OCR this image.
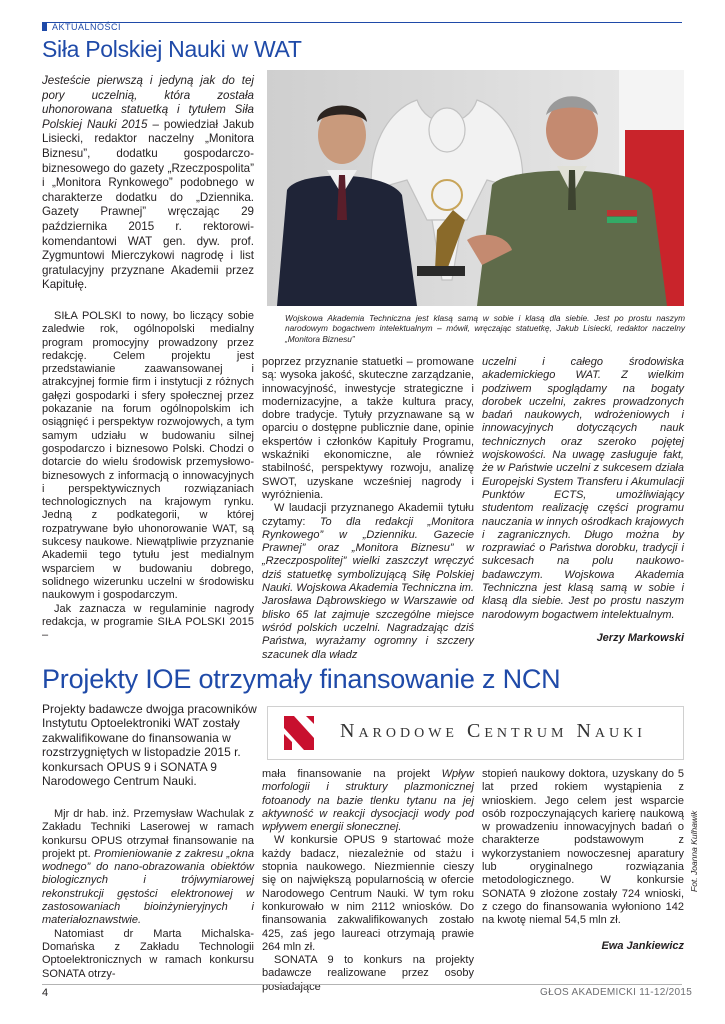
AKTUALNOŚCI
Siła Polskiej Nauki w WAT
Jesteście pierwszą i jedyną jak do tej pory uczelnią, która została uhonorowana statuetką i tytułem Siła Polskiej Nauki 2015 – powiedział Jakub Lisiecki, redaktor naczelny „Monitora Biznesu”, dodatku gospodarczo-biznesowego do gazety „Rzeczpospolita” i „Monitora Rynkowego” podobnego w charakterze dodatku do „Dziennika. Gazety Prawnej” wręczając 29 października 2015 r. rektorowi-komendantowi WAT gen. dyw. prof. Zygmuntowi Mierczykowi nagrodę i list gratulacyjny przyznane Akademii przez Kapitułę.
Wojskowa Akademia Techniczna jest klasą samą w sobie i klasą dla siebie. Jest po prostu naszym narodowym bogactwem intelektualnym – mówił, wręczając statuetkę, Jakub Lisiecki, redaktor naczelny „Monitora Biznesu”

SIŁA POLSKI to nowy, bo liczący sobie zaledwie rok, ogólnopolski medialny program promocyjny prowadzony przez redakcję. Celem projektu jest przedstawianie zaawansowanej i atrakcyjnej formie firm i instytucji z różnych gałęzi gospodarki i sfery społecznej przez pokazanie na forum ogólnopolskim ich osiągnięć i perspektyw rozwojowych, a tym samym udziału w budowaniu silnej gospodarczo i biznesowo Polski. Chodzi o dotarcie do wielu środowisk przemysłowo-biznesowych z informacją o innowacyjnych i perspektywicznych rozwiązaniach technologicznych na krajowym rynku. Jedną z podkategorii, w której rozpatrywane było uhonorowanie WAT, są sukcesy naukowe. Niewątpliwie przyznanie Akademii tego tytułu jest medialnym wsparciem w budowaniu dobrego, solidnego wizerunku uczelni w środowisku naukowym i gospodarczym.

Jak zaznacza w regulaminie nagrody redakcja, w programie SIŁA POLSKI 2015 –

poprzez przyznanie statuetki – promowane są: wysoka jakość, skuteczne zarządzanie, innowacyjność, inwestycje strategiczne i modernizacyjne, a także kultura pracy, dobre tradycje. Tytuły przyznawane są w oparciu o dostępne publicznie dane, opinie ekspertów i członków Kapituły Programu, wskaźniki ekonomiczne, ale również stabilność, perspektywy rozwoju, analizę SWOT, uzyskane wcześniej nagrody i wyróżnienia.

W laudacji przyznanego Akademii tytułu czytamy: To dla redakcji „Monitora Rynkowego” w „Dzienniku. Gazecie Prawnej” oraz „Monitora Biznesu” w „Rzeczpospolitej” wielki zaszczyt wręczyć dziś statuetkę symbolizującą Siłę Polskiej Nauki. Wojskowa Akademia Techniczna im. Jarosława Dąbrowskiego w Warszawie od blisko 65 lat zajmuje szczególne miejsce wśród polskich uczelni. Nagradzając dziś Państwa, wyrażamy ogromny i szczery szacunek dla władz

uczelni i całego środowiska akademickiego WAT. Z wielkim podziwem spoglądamy na bogaty dorobek uczelni, zakres prowadzonych badań naukowych, wdrożeniowych i innowacyjnych dotyczących nauk technicznych oraz szeroko pojętej wojskowości. Na uwagę zasługuje fakt, że w Państwie uczelni z sukcesem działa Europejski System Transferu i Akumulacji Punktów ECTS, umożliwiający studentom realizację części programu nauczania w innych ośrodkach krajowych i zagranicznych. Długo można by rozprawiać o Państwa dorobku, tradycji i sukcesach na polu naukowo-badawczym. Wojskowa Akademia Techniczna jest klasą samą w sobie i klasą dla siebie. Jest po prostu naszym narodowym bogactwem intelektualnym.

Jerzy Markowski

Projekty IOE otrzymały finansowanie z NCN
Projekty badawcze dwojga pracowników Instytutu Optoelektroniki WAT zostały zakwalifikowane do finansowania w rozstrzygniętych w listopadzie 2015 r. konkursach OPUS 9 i SONATA 9 Narodowego Centrum Nauki.
Narodowe Centrum Nauki

Mjr dr hab. inż. Przemysław Wachulak z Zakładu Techniki Laserowej w ramach konkursu OPUS otrzymał finansowanie na projekt pt. Promieniowanie z zakresu „okna wodnego” do nano-obrazowania obiektów biologicznych i trójwymiarowej rekonstrukcji gęstości elektronowej w zastosowaniach bioinżynieryjnych i materiałoznawstwie.

Natomiast dr Marta Michalska-Domańska z Zakładu Technologii Optoelektronicznych w ramach konkursu SONATA otrzy-

mała finansowanie na projekt Wpływ morfologii i struktury plazmonicznej fotoanody na bazie tlenku tytanu na jej aktywność w reakcji dysocjacji wody pod wpływem energii słonecznej.

W konkursie OPUS 9 startować może każdy badacz, niezależnie od stażu i stopnia naukowego. Niezmiennie cieszy się on największą popularnością w ofercie Narodowego Centrum Nauki. W tym roku konkurowało w nim 2112 wniosków. Do finansowania zakwalifikowanych zostało 425, zaś jego laureaci otrzymają prawie 264 mln zł.

SONATA 9 to konkurs na projekty badawcze realizowane przez osoby posiadające

stopień naukowy doktora, uzyskany do 5 lat przed rokiem wystąpienia z wnioskiem. Jego celem jest wsparcie osób rozpoczynających karierę naukową w prowadzeniu innowacyjnych badań o charakterze podstawowym z wykorzystaniem nowoczesnej aparatury lub oryginalnego rozwiązania metodologicznego. W konkursie SONATA 9 złożone zostały 724 wnioski, z czego do finansowania wyłoniono 142 na kwotę niemal 54,5 mln zł.

Ewa Jankiewicz

Fot. Joanna Kulhawik
4	GŁOS AKADEMICKI 11-12/2015
